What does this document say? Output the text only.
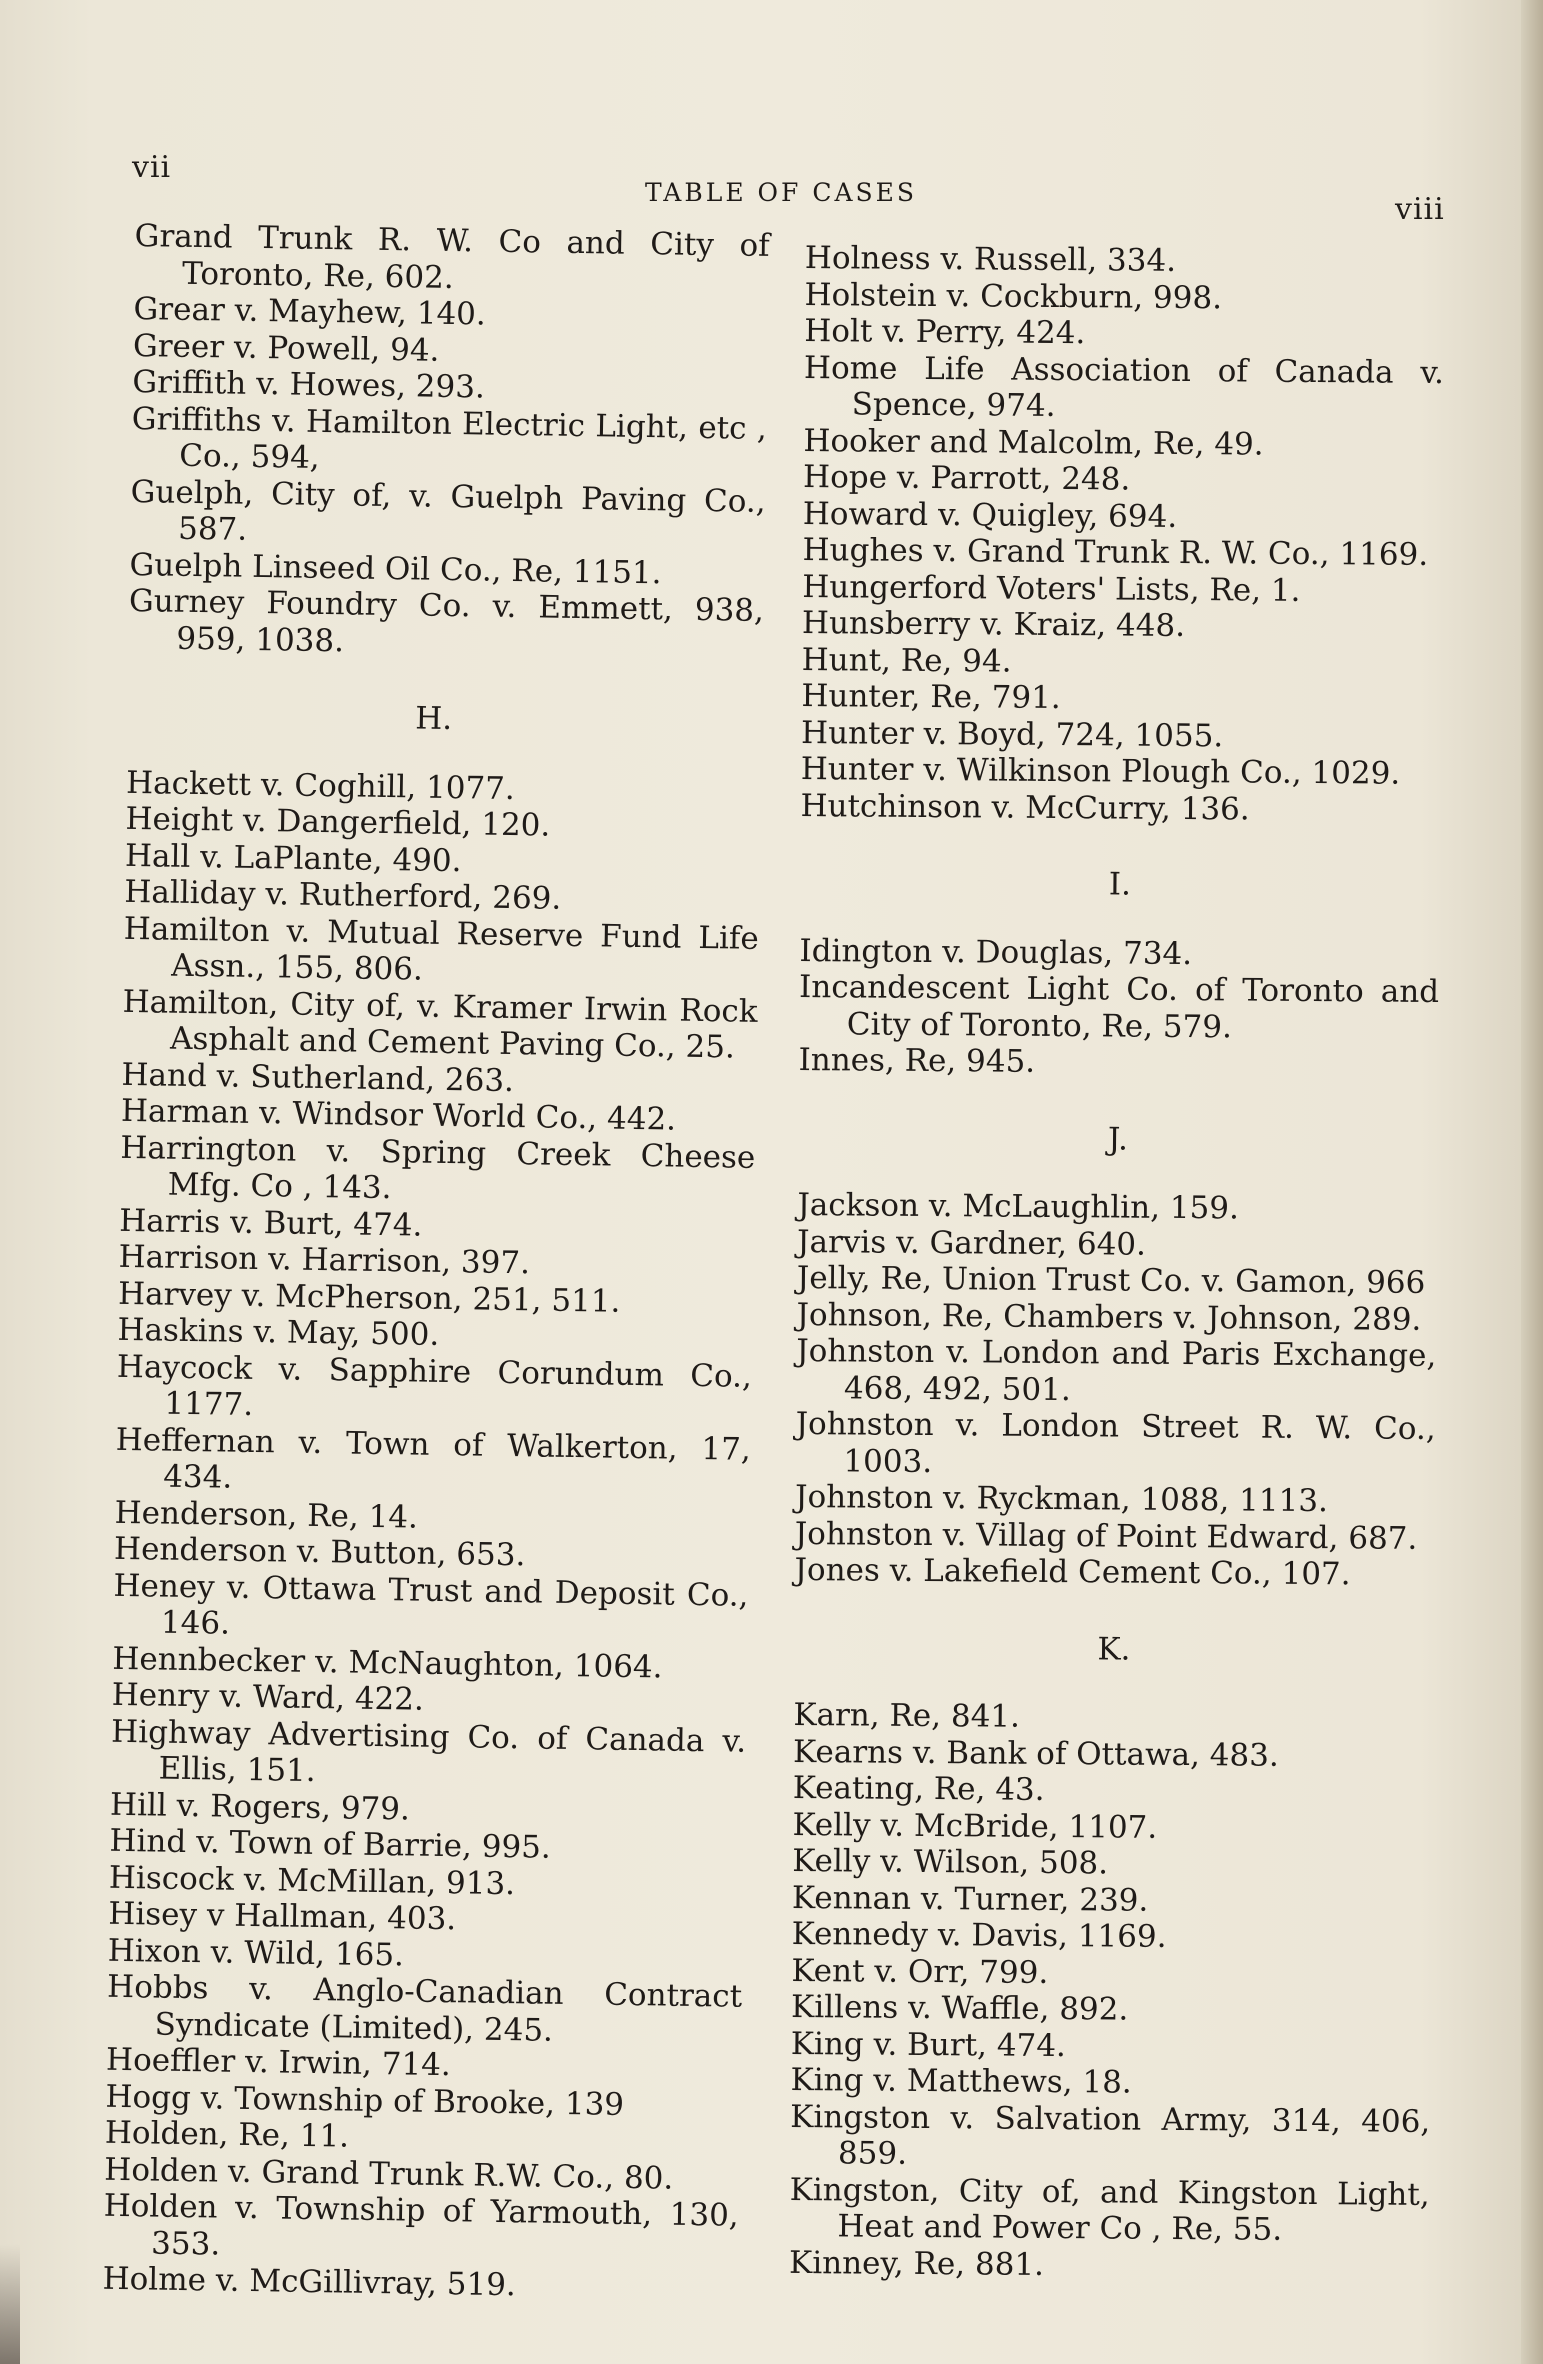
vii
TABLE OF CASES	viii

Grand Trunk R. W. Co and City of Toronto, Re, 602.

Grear v. Mayhew, 140.

Greer v. Powell, 94.

Griffith v. Howes, 293.

Griffiths v. Hamilton Electric Light, etc , Co., 594,

Guelph, City of, v. Guelph Paving Co., 587.

Guelph Linseed Oil Co., Re, 1151.

Gurney Foundry Co. v. Emmett, 938, 959, 1038.

H.

Hackett v. Coghill, 1077.

Height v. Dangerfield, 120.

Hall v. LaPlante, 490.

Halliday v. Rutherford, 269.

Hamilton v. Mutual Reserve Fund Life Assn., 155, 806.

Hamilton, City of, v. Kramer Irwin Rock Asphalt and Cement Paving Co., 25.

Hand v. Sutherland, 263.

Harman v. Windsor World Co., 442.

Harrington v. Spring Creek Cheese Mfg. Co , 143.

Harris v. Burt, 474.

Harrison v. Harrison, 397.

Harvey v. McPherson, 251, 511.

Haskins v. May, 500.

Haycock v. Sapphire Corundum Co., 1177.

Heffernan v. Town of Walkerton, 17, 434.

Henderson, Re, 14.

Henderson v. Button, 653.

Heney v. Ottawa Trust and Deposit Co., 146.

Hennbecker v. McNaughton, 1064.

Henry v. Ward, 422.

Highway Advertising Co. of Canada v. Ellis, 151.

Hill v. Rogers, 979.

Hind v. Town of Barrie, 995.

Hiscock v. McMillan, 913.

Hisey v Hallman, 403.

Hixon v. Wild, 165.

Hobbs v. Anglo-Canadian Contract Syndicate (Limited), 245.

Hoeffler v. Irwin, 714.

Hogg v. Township of Brooke, 139

Holden, Re, 11.

Holden v. Grand Trunk R.W. Co., 80.

Holden v. Township of Yarmouth, 130, 353.

Holme v. McGillivray, 519.

Holness v. Russell, 334.

Holstein v. Cockburn, 998.

Holt v. Perry, 424.

Home Life Association of Canada v. Spence, 974.

Hooker and Malcolm, Re, 49.

Hope v. Parrott, 248.

Howard v. Quigley, 694.

Hughes v. Grand Trunk R. W. Co., 1169.

Hungerford Voters' Lists, Re, 1.

Hunsberry v. Kraiz, 448.

Hunt, Re, 94.

Hunter, Re, 791.

Hunter v. Boyd, 724, 1055.

Hunter v. Wilkinson Plough Co., 1029.

Hutchinson v. McCurry, 136.

I.

Idington v. Douglas, 734.

Incandescent Light Co. of Toronto and City of Toronto, Re, 579.

Innes, Re, 945.

J.

Jackson v. McLaughlin, 159.

Jarvis v. Gardner, 640.

Jelly, Re, Union Trust Co. v. Gamon, 966

Johnson, Re, Chambers v. Johnson, 289.

Johnston v. London and Paris Exchange, 468, 492, 501.

Johnston v. London Street R. W. Co., 1003.

Johnston v. Ryckman, 1088, 1113.

Johnston v. Villag of Point Edward, 687.

Jones v. Lakefield Cement Co., 107.

K.

Karn, Re, 841.

Kearns v. Bank of Ottawa, 483.

Keating, Re, 43.

Kelly v. McBride, 1107.

Kelly v. Wilson, 508.

Kennan v. Turner, 239.

Kennedy v. Davis, 1169.

Kent v. Orr, 799.

Killens v. Waffle, 892.

King v. Burt, 474.

King v. Matthews, 18.

Kingston v. Salvation Army, 314, 406, 859.

Kingston, City of, and Kingston Light, Heat and Power Co , Re, 55.

Kinney, Re, 881.
